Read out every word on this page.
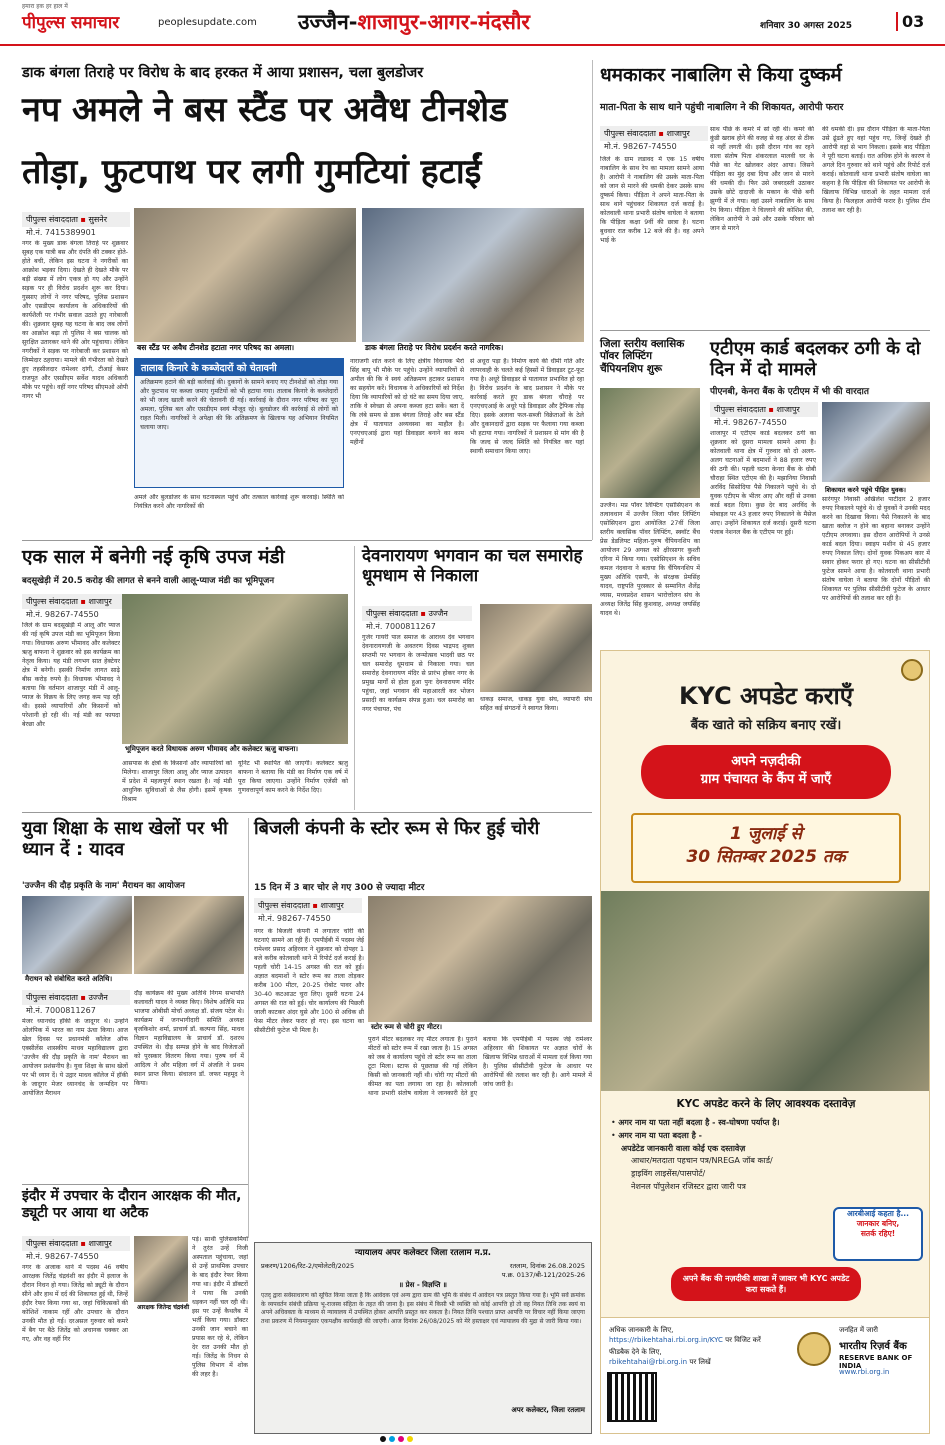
हमारा हक हर हाल में
पीपुल्स समाचार	peoplesupdate.com उज्जैन-शाजापुर-आगर-मंदसौर	शनिवार 30 अगस्त 2025	03
डाक बंगला तिराहे पर विरोध के बाद हरकत में आया प्रशासन, चला बुलडोजर
नप अमले ने बस स्टैंड पर अवैध टीनशेड
तोड़ा, फुटपाथ पर लगी गुमटियां हटाईं
पीपुल्स संवाददाता ▪ सुसनेर
मो.नं. 7415389901
नगर के मुख्य डाक बंगला तिराहे पर शुक्रवार सुबह एक यात्री बस और दंपति की टक्कर होते-होते बची, लेकिन इस घटना ने नगरीकों का आक्रोश भड़का दिया। देखते ही देखते मौके पर बड़ी संख्या में लोग एकत्र हो गए और उन्होंने सड़क पर ही विरोध प्रदर्शन शुरू कर दिया। गुस्साए लोगों ने नगर परिषद, पुलिस प्रशासन और एसडीएम कार्यालय के अधिकारियों की कार्यशैली पर गंभीर सवाल उठाते हुए नारेबाजी की। शुक्रवार सुबह यह घटना के बाद जब लोगों का आक्रोश बढ़ा तो पुलिस ने बस चालक को सुरक्षित उतारकर थाने की ओर पहुंचाया। लेकिन नगरीकों ने सड़क पर नारेबाजी कर प्रशासन को जिम्मेदार ठहराया। मामले की गंभीरता को देखते हुए तहसीलदार रामेश्वर दांगी, टीआई केसर राजपूत और एसडीएम सर्वेश यादव अधिकारी मौके पर पहुंचे। वहीं नगर परिषद सीएमओ ओपी नागर भी
बस स्टैंड पर अवैध टीनशेड हटाता नगर परिषद का अमला।	डाक बंगला तिराहे पर विरोध प्रदर्शन करते नागरिक।
तालाब किनारे के कब्जेदारों को चेतावनी
अतिक्रमण हटाने की बड़ी कार्रवाई की। दुकानों के सामने बनाए गए टीनशेडों को तोड़ा गया और फुटपाथ पर कब्जा जमाए गुमटियों को भी हटाया गया। तालाब किनारे के कब्जेदारों को भी जल्द खाली करने की चेतावनी दी गई। कार्रवाई के दौरान नगर परिषद का पूरा अमला, पुलिस बल और एसडीएम स्वयं मौजूद रहे। बुलडोजर की कार्रवाई से लोगों को राहत मिली। नागरिकों ने अपेक्षा की कि अतिक्रमण के खिलाफ यह अभियान नियमित चलाया जाए।
अमले और बुलडोजर के साथ घटनास्थल पहुंचे और तत्काल कार्रवाई शुरू करवाई। स्थिति को नियंत्रित करने और नागरिकों की
नाराजगी शांत करने के लिए क्षेत्रीय विधायक भैरो सिंह बापू भी मौके पर पहुंचे। उन्होंने व्यापारियों से अपील की कि वे स्वयं अतिक्रमण हटाकर प्रशासन का सहयोग करें। विधायक ने अधिकारियों को निर्देश दिया कि व्यापारियों को दो घंटे का समय दिया जाए, ताकि वे स्वेच्छा से अपना कब्जा हटा सकें। बता दें कि लंबे समय से डाक बंगला तिराहे और बस स्टैंड क्षेत्र में यातायात अव्यवस्था का माहौल है। एनएचएआई द्वारा यहां डिवाइडर बनाने का काम महीनों
से अधूरा पड़ा है। निर्माण कार्य की धीमी गति और लापरवाही के चलते कई हिस्सों में डिवाइडर टूट-फूट गया है। अधूरे डिवाइडर से यातायात प्रभावित हो रहा है। विरोध प्रदर्शन के बाद प्रशासन ने मौके पर कार्रवाई करते हुए डाक बंगला चौराहे पर एनएचएआई के अधूरे पड़े डिवाइडर और ट्रैफिक तोड़ दिए। इसके अलावा फल-सब्जी विक्रेताओं के ठेले और दुकानदारों द्वारा सड़क पर फैलाया गया कब्जा भी हटाया गया। नागरिकों ने प्रशासन से मांग की है कि जल्द से जल्द स्थिति को नियंत्रित कर यहां स्थायी समाधान किया जाए।
धमकाकर नाबालिग से किया दुष्कर्म
माता-पिता के साथ थाने पहुंची नाबालिग ने की शिकायत, आरोपी फरार
पीपुल्स संवाददाता ▪ शाजापुर
मो.नं. 98267-74550
जिले के ग्राम लडावद में एक 15 वर्षीय नाबालिग के साथ रेप का मामला सामने आया है। आरोपी ने नाबालिग की उसके माता-पिता को जान से मारने की धमकी देकर उसके साथ दुष्कर्म किया। पीड़िता ने अपने माता-पिता के साथ थाने पहुंचकर शिकायत दर्ज कराई है। कोतवाली थाना प्रभारी संतोष वाघेला ने बताया कि पीड़िता कक्षा 9वीं की छात्रा है। घटना बुधवार रात करीब 12 बजे की है। वह अपने भाई के
साथ पीछे के कमरे में सो रही थी। कमरे की कुंडी खराब होने की वजह से वह अंदर से ठीक से नहीं लगती थी। इसी दौरान गांव का रहने वाला संतोष पिता शंकरलाल मालवी घर के पीछे का गेट खोलकर अंदर आया। जिसने पीड़िता का मुंह दबा दिया और जान से मारने की धमकी दी। फिर उसे जबरदस्ती उठाकर उसके छोटे दादाजी के मकान के पीछे बनी झुग्गी में ले गया। वहां उसने नाबालिग के साथ रेप किया। पीड़िता ने चिल्लाने की कोशिश की, लेकिन आरोपी ने उसे और उसके परिवार को जान से मारने
की धमकी दी। इस दौरान पीड़िता के माता-पिता उसे ढूंढते हुए वहां पहुंच गए, जिन्हें देखते ही आरोपी वहां से भाग निकला। इसके बाद पीड़िता ने पूरी घटना बताई। रात अधिक होने के कारण वे अगले दिन गुरुवार को थाने पहुंचे और रिपोर्ट दर्ज कराई। कोतवाली थाना प्रभारी संतोष वाघेला का कहना है कि पीड़िता की शिकायत पर आरोपी के खिलाफ विभिन्न धाराओं के तहत मामला दर्ज किया है। फिलहाल आरोपी फरार है। पुलिस टीम तलाश कर रही है।
जिला स्तरीय क्लासिक पॉवर लिफ्टिंग चैंपियनशिप शुरू
उज्जैन। मप्र पॉवर लिफ्टिंग एसोसिएशन के तत्वावधान में उज्जैन जिला पॉवर लिफ्टिंग एसोसिएशन द्वारा आयोजित 27वीं जिला स्तरीय क्लासिक पॉवर लिफ्टिंग, स्क्वॉट बैंच प्रेस डेडलिफ्ट महिला-पुरुष चैंपियनशिप का आयोजन 29 अगस्त को क्षीरसागर कुश्ती एरिना में किया गया। एसोसिएशन के सचिव कमल नंदवाना ने बताया कि चैंपियनशिप में मुख्य अतिथि एसपी, के संरक्षक प्रेमसिंह यादव, राष्ट्रपति पुरस्कार से सम्मानित शैलेंद्र व्यास, मध्यप्रदेश शासन भारोत्तोलन संघ के अध्यक्ष जितेंद्र सिंह कुशवाह, अध्यक्ष जयसिंह यादव थे।
एटीएम कार्ड बदलकर ठगी के दो दिन में दो मामले
पीएनबी, केनरा बैंक के एटीएम में भी की वारदात
पीपुल्स संवाददाता ▪ शाजापुर
मो.नं. 98267-74550
शिकायत करने पहुंचे पीड़ित युवक।
शाजापुर में एटीएम कार्ड बदलकर ठगी का शुक्रवार को दूसरा मामला सामने आया है। कोतवाली थाना क्षेत्र में गुरुवार को दो अलग-अलग घटनाओं में बदमाशों ने 88 हजार रुपए की ठगी की। पहली घटना केनरा बैंक के धोबी चौराहा स्थित एटीएम की है। मझानिया निवासी अरविंद सिसोदिया पैसे निकालने पहुंचे थे। दो युवक एटीएम के भीतर आए और वहीं से उनका कार्ड बदल दिया। कुछ देर बाद अरविंद के मोबाइल पर 43 हजार रुपए निकालने के मैसेज आए। उन्होंने शिकायत दर्ज कराई। दूसरी घटना पंजाब नेशनल बैंक के एटीएम पर हुई।
सारंगपुर निवासी अखिलेश पाटीदार 2 हजार रुपए निकालने पहुंचे थे। दो युवकों ने उनकी मदद करने का दिखावा किया। पैसे निकालने के बाद खाता क्लोज न होने का बहाना बनाकर उन्होंने एटीएम लगवाया। इस दौरान आरोपियों ने उनसे कार्ड बदल दिया। स्वाइप मशीन से 45 हजार रुपए निकाल लिए। दोनों युवक पिकअप कार में सवार होकर फरार हो गए। घटना का सीसीटीवी फुटेज सामने आया है। कोतवाली थाना प्रभारी संतोष वाघेला ने बताया कि दोनों पीड़ितों की शिकायत पर पुलिस सीसीटीवी फुटेज के आधार पर आरोपियों की तलाश कर रही है।
एक साल में बनेगी नई कृषि उपज मंडी
बदसूखेड़ी में 20.5 करोड़ की लागत से बनने वाली आलू-प्याज मंडी का भूमिपूजन
पीपुल्स संवाददाता ▪ शाजापुर
मो.नं. 98267-74550
जिले के ग्राम बदसूखेड़ी में आलू और प्याज की नई कृषि उपज मंडी का भूमिपूजन किया गया। विधायक अरुण भीमावद और कलेक्टर ऋजु बाफना ने शुक्रवार को इस कार्यक्रम का नेतृत्व किया। यह मंडी लगभग सात हेक्टेयर क्षेत्र में बनेगी। इसकी निर्माण लागत साढ़े बीस करोड़ रुपये है। विधायक भीमावद ने बताया कि वर्तमान शाजापुर मंडी में आलू-प्याज के विक्रय के लिए जगह कम पड़ रही थी। इससे व्यापारियों और किसानों को परेशानी हो रही थी। नई मंडी का फायदा बेरछा और
भूमिपूजन करते विधायक अरुण भीमावद और कलेक्टर ऋजु बाफना।
आसपास के क्षेत्रों के किसानों और व्यापारियों को मिलेगा। शाजापुर जिला आलू और प्याज उत्पादन में प्रदेश में महत्वपूर्ण स्थान रखता है। नई मंडी आधुनिक सुविधाओं से लैस होगी। इसमें कृषक विश्राम
यूनिट भी स्थापित की जाएगी। कलेक्टर ऋजु बाफना ने बताया कि मंडी का निर्माण एक वर्ष में पूरा किया जाएगा। उन्होंने निर्माण एजेंसी को गुणवत्तापूर्ण काम करने के निर्देश दिए।
देवनारायण भगवान का चल समारोह धूमधाम से निकाला
पीपुल्स संवाददाता ▪ उज्जैन
मो.नं. 7000811267
गुर्जर गायरी पाल समाज के आराध्य देव भगवान देवनारायणजी के अवतरण दिवस भाद्रपद शुक्ल सप्तमी पर भगवान के जन्मोत्सव भादवी छठ पर चल समारोह धूमधाम से निकाला गया। चल समारोह देवनारायण मंदिर से प्रारंभ होकर नगर के प्रमुख मार्गों से होता हुआ पुनः देवनारायण मंदिर पहुंचा, जहां भगवान की महाआरती कर भोजन प्रसादी का कार्यक्रम संपन्न हुआ। चल समारोह का नगर पंचायत, पंच
धाकड़ समाज, धाकड़ युवा संघ, व्यापारी संघ सहित कई संगठनों ने स्वागत किया।
युवा शिक्षा के साथ खेलों पर भी ध्यान दें : यादव
'उज्जैन की दौड़ प्रकृति के नाम' मैराथन का आयोजन
मैराथन को संबोधित करते अतिथि।
पीपुल्स संवाददाता ▪ उज्जैन
मो.नं. 7000811267
मेजर ध्यानचंद हॉकी के जादूगर थे। उन्होंने ओलंपिक में भारत का नाम ऊंचा किया। आज खेल दिवस पर प्रधानमंत्री कॉलेज ऑफ एक्सीलेंस शासकीय माधव महाविद्यालय द्वारा 'उज्जैन की दौड़ प्रकृति के नाम' मैराथन का आयोजन प्रशंसनीय है। युवा शिक्षा के साथ खेलों पर भी ध्यान दें। ये उद्गार माधव कॉलेज में हॉकी के जादूगर मेजर ध्यानचंद के जन्मदिन पर आयोजित मैराथन
दौड़ कार्यक्रम की मुख्य अतिथि निगम सभापति कलावती यादव ने व्यक्त किए। विशेष अतिथि मप्र भाजपा ओबीसी मोर्चा अध्यक्ष डॉ. संजय पटेल थे। कार्यक्रम में जनभागीदारी समिति अध्यक्ष बृजकिशोर शर्मा, प्राचार्य डॉ. कल्पना सिंह, माधव विज्ञान महाविद्यालय के प्राचार्य डॉ. दशरथ उपस्थित थे। दौड़ सम्पन्न होने के बाद विजेताओं को पुरस्कार वितरण किया गया। पुरुष वर्ग में आदित्य ने और महिला वर्ग में अंजलि ने प्रथम स्थान प्राप्त किया। संचालन डॉ. जफर महमूद ने किया।
बिजली कंपनी के स्टोर रूम से फिर हुई चोरी
15 दिन में 3 बार चोर ले गए 300 से ज्यादा मीटर
पीपुल्स संवाददाता ▪ शाजापुर
मो.नं. 98267-74550
नगर के बिजली कंपनी में लगातार चोरी की घटनाएं सामने आ रही हैं। एमपीईबी में पदस्थ जेई रामेश्वर प्रसाद अहिरवार ने शुक्रवार को दोपहर 1 बजे करीब कोतवाली थाने में रिपोर्ट दर्ज कराई है। पहली चोरी 14-15 अगस्त की रात को हुई। अज्ञात बदमाशों ने स्टोर रूम का ताला तोड़कर करीब 100 मीटर, 20-25 रोबोट पावर और 30-40 कटआउट चुरा लिए। दूसरी घटना 24 अगस्त की रात को हुई। चोर कार्यालय की पिछली जाली काटकर अंदर घुसे और 100 से अधिक थ्री फेस मीटर लेकर फरार हो गए। इस घटना का सीसीटीवी फुटेज भी मिला है।	स्टोर रूम से चोरी हुए मीटर।
पुराने मीटर बदलकर नए मीटर लगाता है। पुराने मीटरों को स्टोर रूम में रखा जाता है। 15 अगस्त को जब वे कार्यालय पहुंचे तो स्टोर रूम का ताला टूटा मिला। स्टाफ से पूछताछ की गई लेकिन किसी को जानकारी नहीं थी। चोरी गए मीटरों की कीमत का पता लगाया जा रहा है। कोतवाली थाना प्रभारी संतोष वाघेला ने जानकारी देते हुए बताया कि एमपीईबी में पदस्थ जेई रामेश्वर अहिरवार की शिकायत पर अज्ञात चोरों के खिलाफ विभिन्न धाराओं में मामला दर्ज किया गया है। पुलिस सीसीटीवी फुटेज के आधार पर आरोपियों की तलाश कर रही है। आगे मामले में जांच जारी है।
इंदौर में उपचार के दौरान आरक्षक की मौत, ड्यूटी पर आया था अटैक
पीपुल्स संवाददाता ▪ शाजापुर
मो.नं. 98267-74550
नगर के अजाक थाने में पदस्थ 46 वर्षीय आरक्षक जितेंद्र चंद्रवंशी का इंदौर में इलाज के दौरान निधन हो गया। जितेंद्र को ड्यूटी के दौरान सीने और हाथ में दर्द की शिकायत हुई थी, जिन्हें इंदौर रेफर किया गया था, जहां चिकित्सकों की कोशिशें नाकाम रहीं और उपचार के दौरान उनकी मौत हो गई। दरअसल गुरुवार को कमरे में बैग पर बैठे जितेंद्र को अचानक चक्कर आ गए, और वह वहीं गिर
आरक्षक जितेन्द्र चंद्रवंशी
पड़े। साथी पुलिसकर्मियों ने तुरंत उन्हें निजी अस्पताल पहुंचाया, जहां से उन्हें प्राथमिक उपचार के बाद इंदौर रेफर किया गया था। इंदौर में डॉक्टरों ने पाया कि उनकी धड़कन नहीं चल रही थी। इस पर उन्हें कैथलैब में भर्ती किया गया। डॉक्टर उनकी जान बचाने का प्रयास कर रहे थे, लेकिन देर रात उनकी मौत हो गई। जितेंद्र के निधन से पुलिस विभाग में शोक की लहर है।
न्यायालय अपर कलेक्टर जिला रतलाम म.प्र.
प्रकरण/1206/रिट-2/एमोलेटरी/2025	रतलाम, दिनांक 26.08.2025
प.क्र. 0137/बी-121/2025-26
॥ प्रेस - विज्ञप्ति ॥
एतद् द्वारा सर्वसाधारण को सूचित किया जाता है कि आवेदक एवं अन्य द्वारा ग्राम की भूमि के संबंध में आवेदन पत्र प्रस्तुत किया गया है। भूमि सर्वे क्रमांक के व्यपवर्तन संबंधी प्रक्रिया भू-राजस्व संहिता के तहत की जाना है। इस संबंध में किसी भी व्यक्ति को कोई आपत्ति हो तो वह नियत तिथि तक स्वयं या अपने अधिवक्ता के माध्यम से न्यायालय में उपस्थित होकर आपत्ति प्रस्तुत कर सकता है। नियत तिथि पश्चात प्राप्त आपत्ति पर विचार नहीं किया जाएगा तथा प्रकरण में नियमानुसार एकपक्षीय कार्यवाही की जाएगी। आज दिनांक 26/08/2025 को मेरे हस्ताक्षर एवं न्यायालय की मुद्रा से जारी किया गया।
अपर कलेक्टर, जिला रतलाम
KYC अपडेट कराएँ
बैंक खाते को सक्रिय बनाए रखें।
अपने नज़दीकी
ग्राम पंचायत के कैंप में जाएँ
1 जुलाई से
30 सितम्बर 2025 तक
KYC अपडेट करने के लिए आवश्यक दस्तावेज़
• अगर नाम या पता नहीं बदला है - स्व-घोषणा पर्याप्त है।
• अगर नाम या पता बदला है -
अपडेटेड जानकारी वाला कोई एक दस्तावेज़
आधार/मतदाता पहचान पत्र/NREGA जॉब कार्ड/
ड्राइविंग लाइसेंस/पासपोर्ट/
नेशनल पॉपुलेशन रजिस्टर द्वारा जारी पत्र
आरबीआई कहता है...
जानकार बनिए,
सतर्क रहिए!
अपने बैंक की नज़दीकी शाखा में जाकर भी KYC अपडेट करा सकते हैं।
अधिक जानकारी के लिए,
https://rbikehtahai.rbi.org.in/KYC पर विजिट करें
फीडबैक देने के लिए,
rbikehtahai@rbi.org.in पर लिखें
जनहित में जारी
भारतीय रिज़र्व बैंक
RESERVE BANK OF INDIA
www.rbi.org.in
